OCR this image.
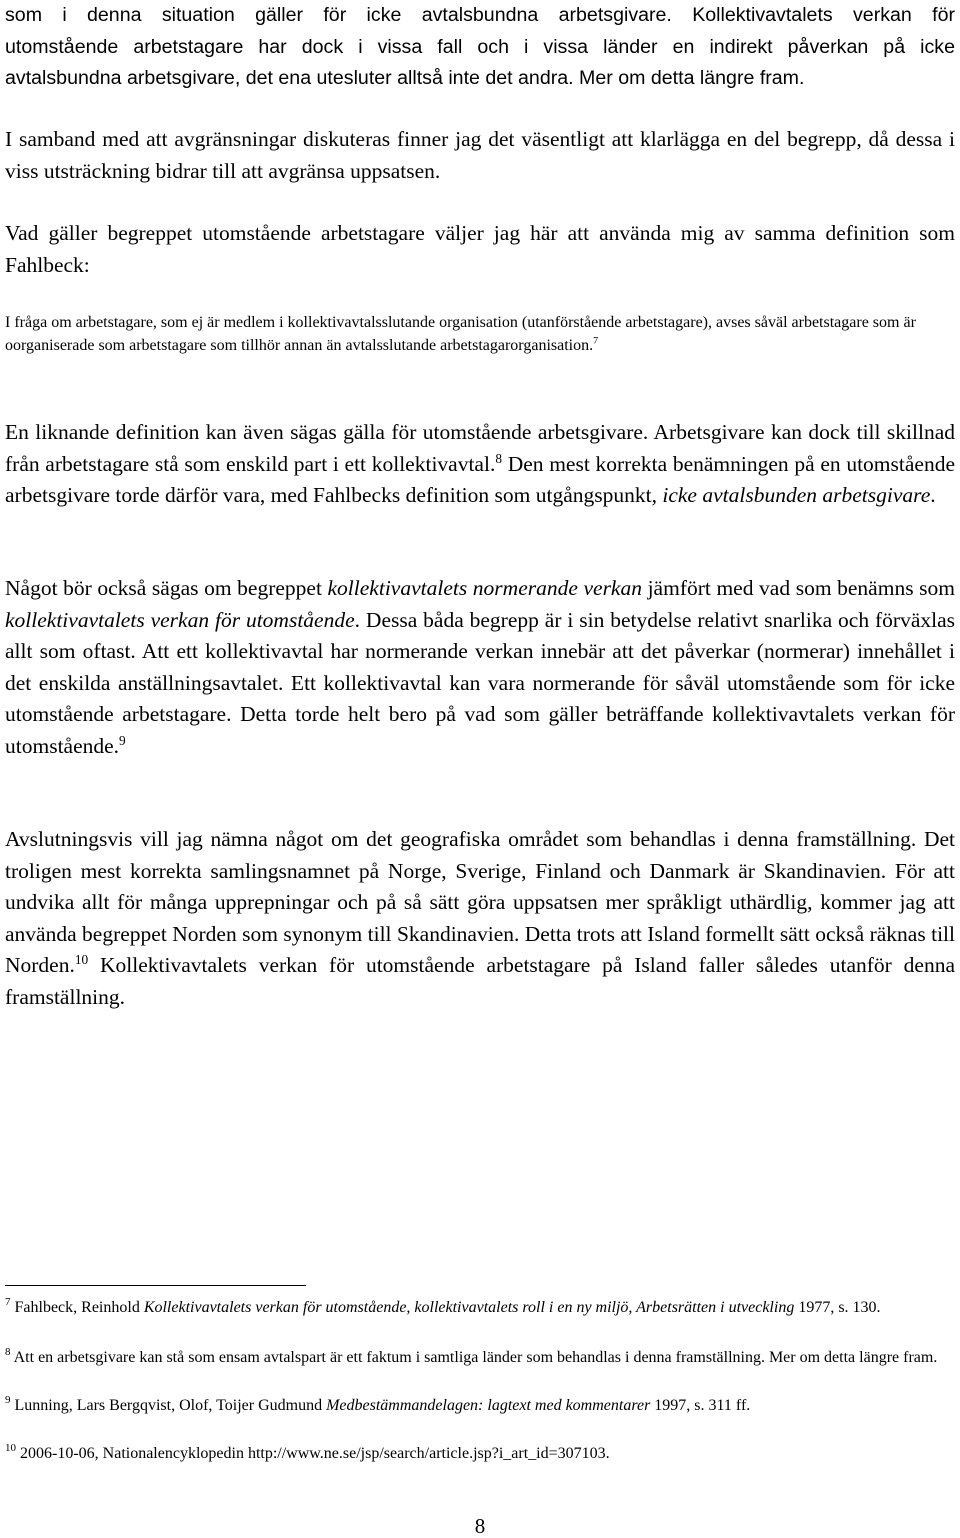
som i denna situation gäller för icke avtalsbundna arbetsgivare. Kollektivavtalets verkan för
utomstående arbetstagare har dock i vissa fall och i vissa länder en indirekt påverkan på icke
avtalsbundna arbetsgivare, det ena utesluter alltså inte det andra. Mer om detta längre fram.

I samband med att avgränsningar diskuteras finner jag det väsentligt att klarlägga en del begrepp, då dessa i viss utsträckning bidrar till att avgränsa uppsatsen.

Vad gäller begreppet utomstående arbetstagare väljer jag här att använda mig av samma definition som Fahlbeck:

I fråga om arbetstagare, som ej är medlem i kollektivavtalsslutande organisation (utanförstående arbetstagare), avses såväl arbetstagare som är oorganiserade som arbetstagare som tillhör annan än avtalsslutande arbetstagarorganisation.$^7$

En liknande definition kan även sägas gälla för utomstående arbetsgivare. Arbetsgivare kan dock till skillnad från arbetstagare stå som enskild part i ett kollektivavtal.$^8$ Den mest korrekta benämningen på en utomstående arbetsgivare torde därför vara, med Fahlbecks definition som utgångspunkt, icke avtalsbunden arbetsgivare.

Något bör också sägas om begreppet kollektivavtalets normerande verkan jämfört med vad som benämns som kollektivavtalets verkan för utomstående. Dessa båda begrepp är i sin betydelse relativt snarlika och förväxlas allt som oftast. Att ett kollektivavtal har normerande verkan innebär att det påverkar (normerar) innehållet i det enskilda anställningsavtalet. Ett kollektivavtal kan vara normerande för såväl utomstående som för icke utomstående arbetstagare. Detta torde helt bero på vad som gäller beträffande kollektivavtalets verkan för utomstående.$^9$

Avslutningsvis vill jag nämna något om det geografiska området som behandlas i denna framställning. Det troligen mest korrekta samlingsnamnet på Norge, Sverige, Finland och Danmark är Skandinavien. För att undvika allt för många upprepningar och på så sätt göra uppsatsen mer språkligt uthärdlig, kommer jag att använda begreppet Norden som synonym till Skandinavien. Detta trots att Island formellt sätt också räknas till Norden.$^{10}$ Kollektivavtalets verkan för utomstående arbetstagare på Island faller således utanför denna framställning.

$^7$ Fahlbeck, Reinhold Kollektivavtalets verkan för utomstående, kollektivavtalets roll i en ny miljö, Arbetsrätten i utveckling 1977, s. 130.

$^8$ Att en arbetsgivare kan stå som ensam avtalspart är ett faktum i samtliga länder som behandlas i denna framställning. Mer om detta längre fram.

$^9$ Lunning, Lars Bergqvist, Olof, Toijer Gudmund Medbestämmandelagen: lagtext med kommentarer 1997, s. 311 ff.

$^{10}$ 2006-10-06, Nationalencyklopedin http://www.ne.se/jsp/search/article.jsp?i_art_id=307103.

8
